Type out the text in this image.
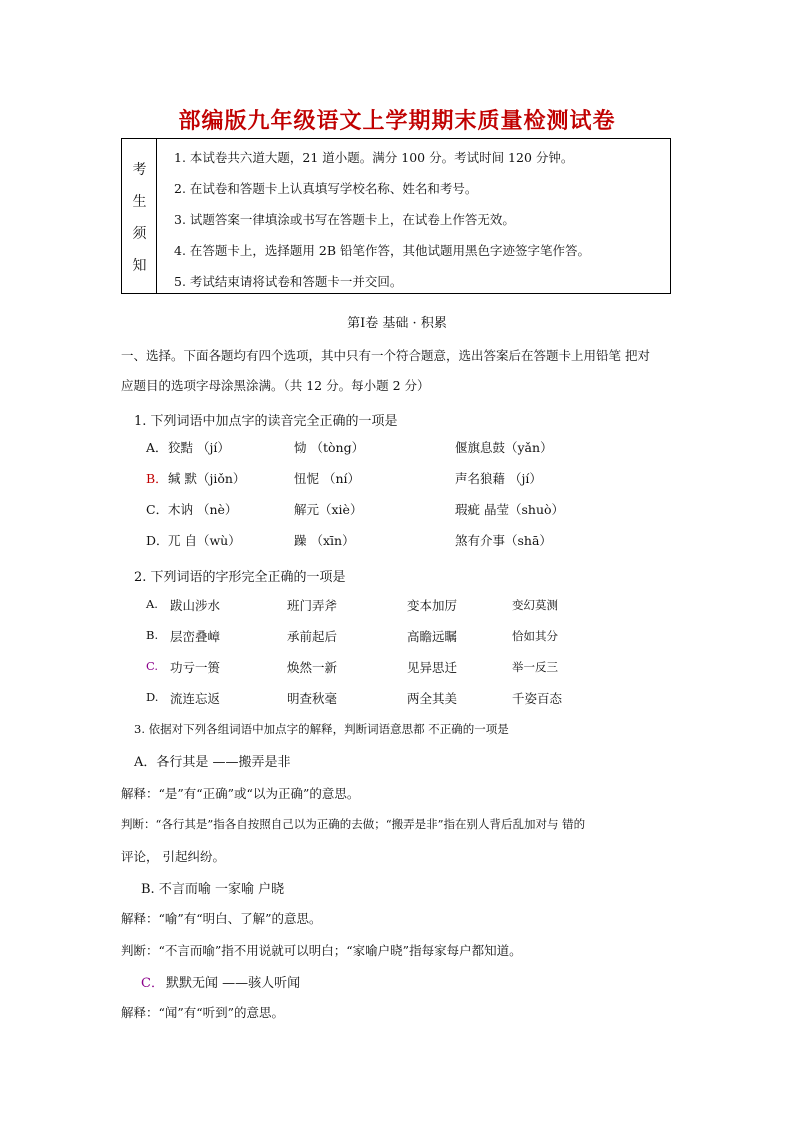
部编版九年级语文上学期期末质量检测试卷
考
生
须
知
1. 本试卷共六道大题，21 道小题。满分 100 分。考试时间 120 分钟。
2. 在试卷和答题卡上认真填写学校名称、姓名和考号。
3. 试题答案一律填涂或书写在答题卡上，在试卷上作答无效。
4. 在答题卡上，选择题用 2B 铅笔作答，其他试题用黑色字迹签字笔作答。
5. 考试结束请将试卷和答题卡一并交回。
第Ⅰ卷 基础 · 积累
一、选择。下面各题均有四个选项，其中只有一个符合题意，选出答案后在答题卡上用铅笔 把对
应题目的选项字母涂黑涂满。（共 12 分。每小题 2 分）
1. 下列词语中加点字的读音完全正确的一项是
A． 狡黠 （jí）	恸 （tòng）	偃旗息鼓（yǎn）
B． 缄 默（jiǒn）	忸怩 （ní）	声名狼藉 （jí）
C． 木讷 （nè）	解元（xiè）	瑕疵 晶莹（shuò）
D． 兀 自（wù）	躁 （xīn）	煞有介事（shā）
2. 下列词语的字形完全正确的一项是
A. 跋山涉水	班门弄斧	变本加厉	变幻莫测
B. 层峦叠嶂	承前起后	高瞻远瞩	恰如其分
C. 功亏一篑	焕然一新	见异思迁	举一反三
D. 流连忘返	明查秋毫	两全其美	千姿百态
3. 依据对下列各组词语中加点字的解释，判断词语意思都 不正确的一项是
A．各行其是 ——搬弄是非
解释：“是”有“正确”或“以为正确”的意思。
判断：“各行其是”指各自按照自己以为正确的去做；“搬弄是非”指在别人背后乱加对与 错的
评论， 引起纠纷。
B. 不言而喻 一家喻 户晓
解释：“喻”有“明白、了解”的意思。
判断：“不言而喻”指不用说就可以明白；“家喻户晓”指每家每户都知道。
C． 默默无闻 ——骇人听闻
解释：“闻”有“听到”的意思。
